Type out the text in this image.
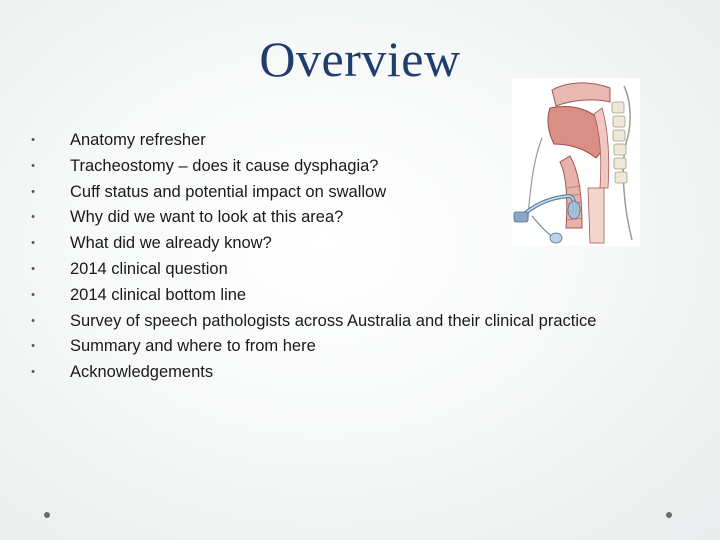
Overview
• Anatomy refresher
• Tracheostomy – does it cause dysphagia?
• Cuff status and potential impact on swallow
• Why did we want to look at this area?
• What did we already know?
• 2014 clinical question
• 2014 clinical bottom line
• Survey of speech pathologists across Australia and their clinical practice
• Summary and where to from here
• Acknowledgements
